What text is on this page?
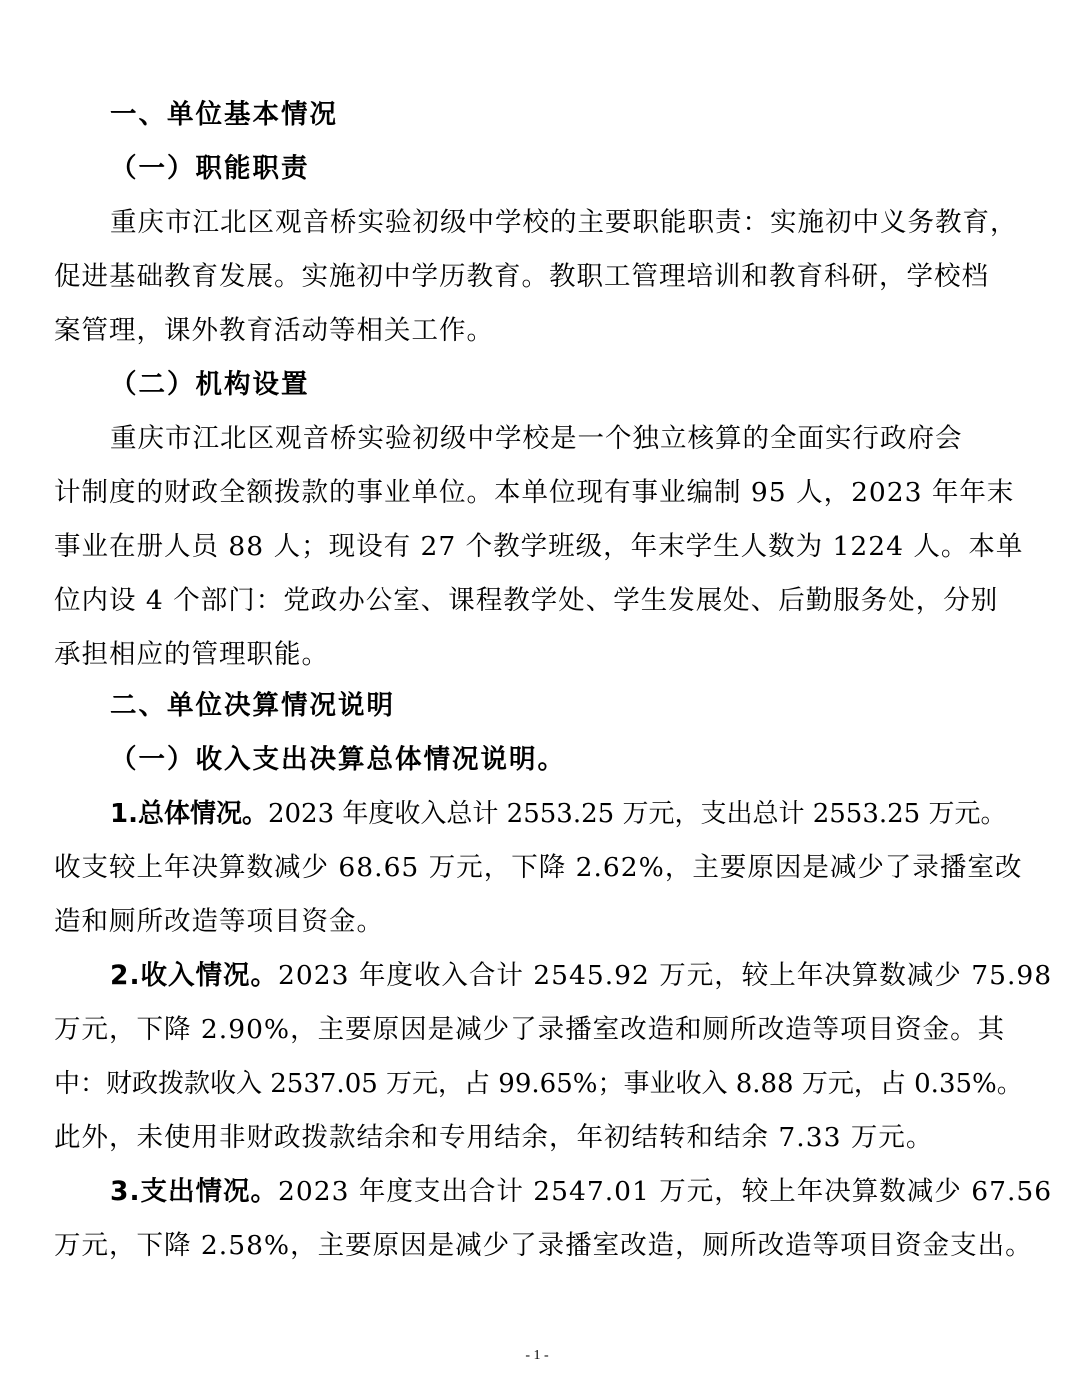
一、单位基本情况

（一）职能职责

重庆市江北区观音桥实验初级中学校的主要职能职责：实施初中义务教育，

促进基础教育发展。实施初中学历教育。教职工管理培训和教育科研，学校档

案管理，课外教育活动等相关工作。

（二）机构设置

重庆市江北区观音桥实验初级中学校是一个独立核算的全面实行政府会

计制度的财政全额拨款的事业单位。本单位现有事业编制 95 人，2023 年年末

事业在册人员 88 人；现设有 27 个教学班级，年末学生人数为 1224 人。本单

位内设 4 个部门：党政办公室、课程教学处、学生发展处、后勤服务处，分别

承担相应的管理职能。

二、单位决算情况说明

（一）收入支出决算总体情况说明。

1.总体情况。2023 年度收入总计 2553.25 万元，支出总计 2553.25 万元。

收支较上年决算数减少 68.65 万元，下降 2.62%，主要原因是减少了录播室改

造和厕所改造等项目资金。

2.收入情况。2023 年度收入合计 2545.92 万元，较上年决算数减少 75.98

万元，下降 2.90%，主要原因是减少了录播室改造和厕所改造等项目资金。其

中：财政拨款收入 2537.05 万元，占 99.65%；事业收入 8.88 万元，占 0.35%。

此外，未使用非财政拨款结余和专用结余，年初结转和结余 7.33 万元。

3.支出情况。2023 年度支出合计 2547.01 万元，较上年决算数减少 67.56

万元，下降 2.58%，主要原因是减少了录播室改造，厕所改造等项目资金支出。

- 1 -
